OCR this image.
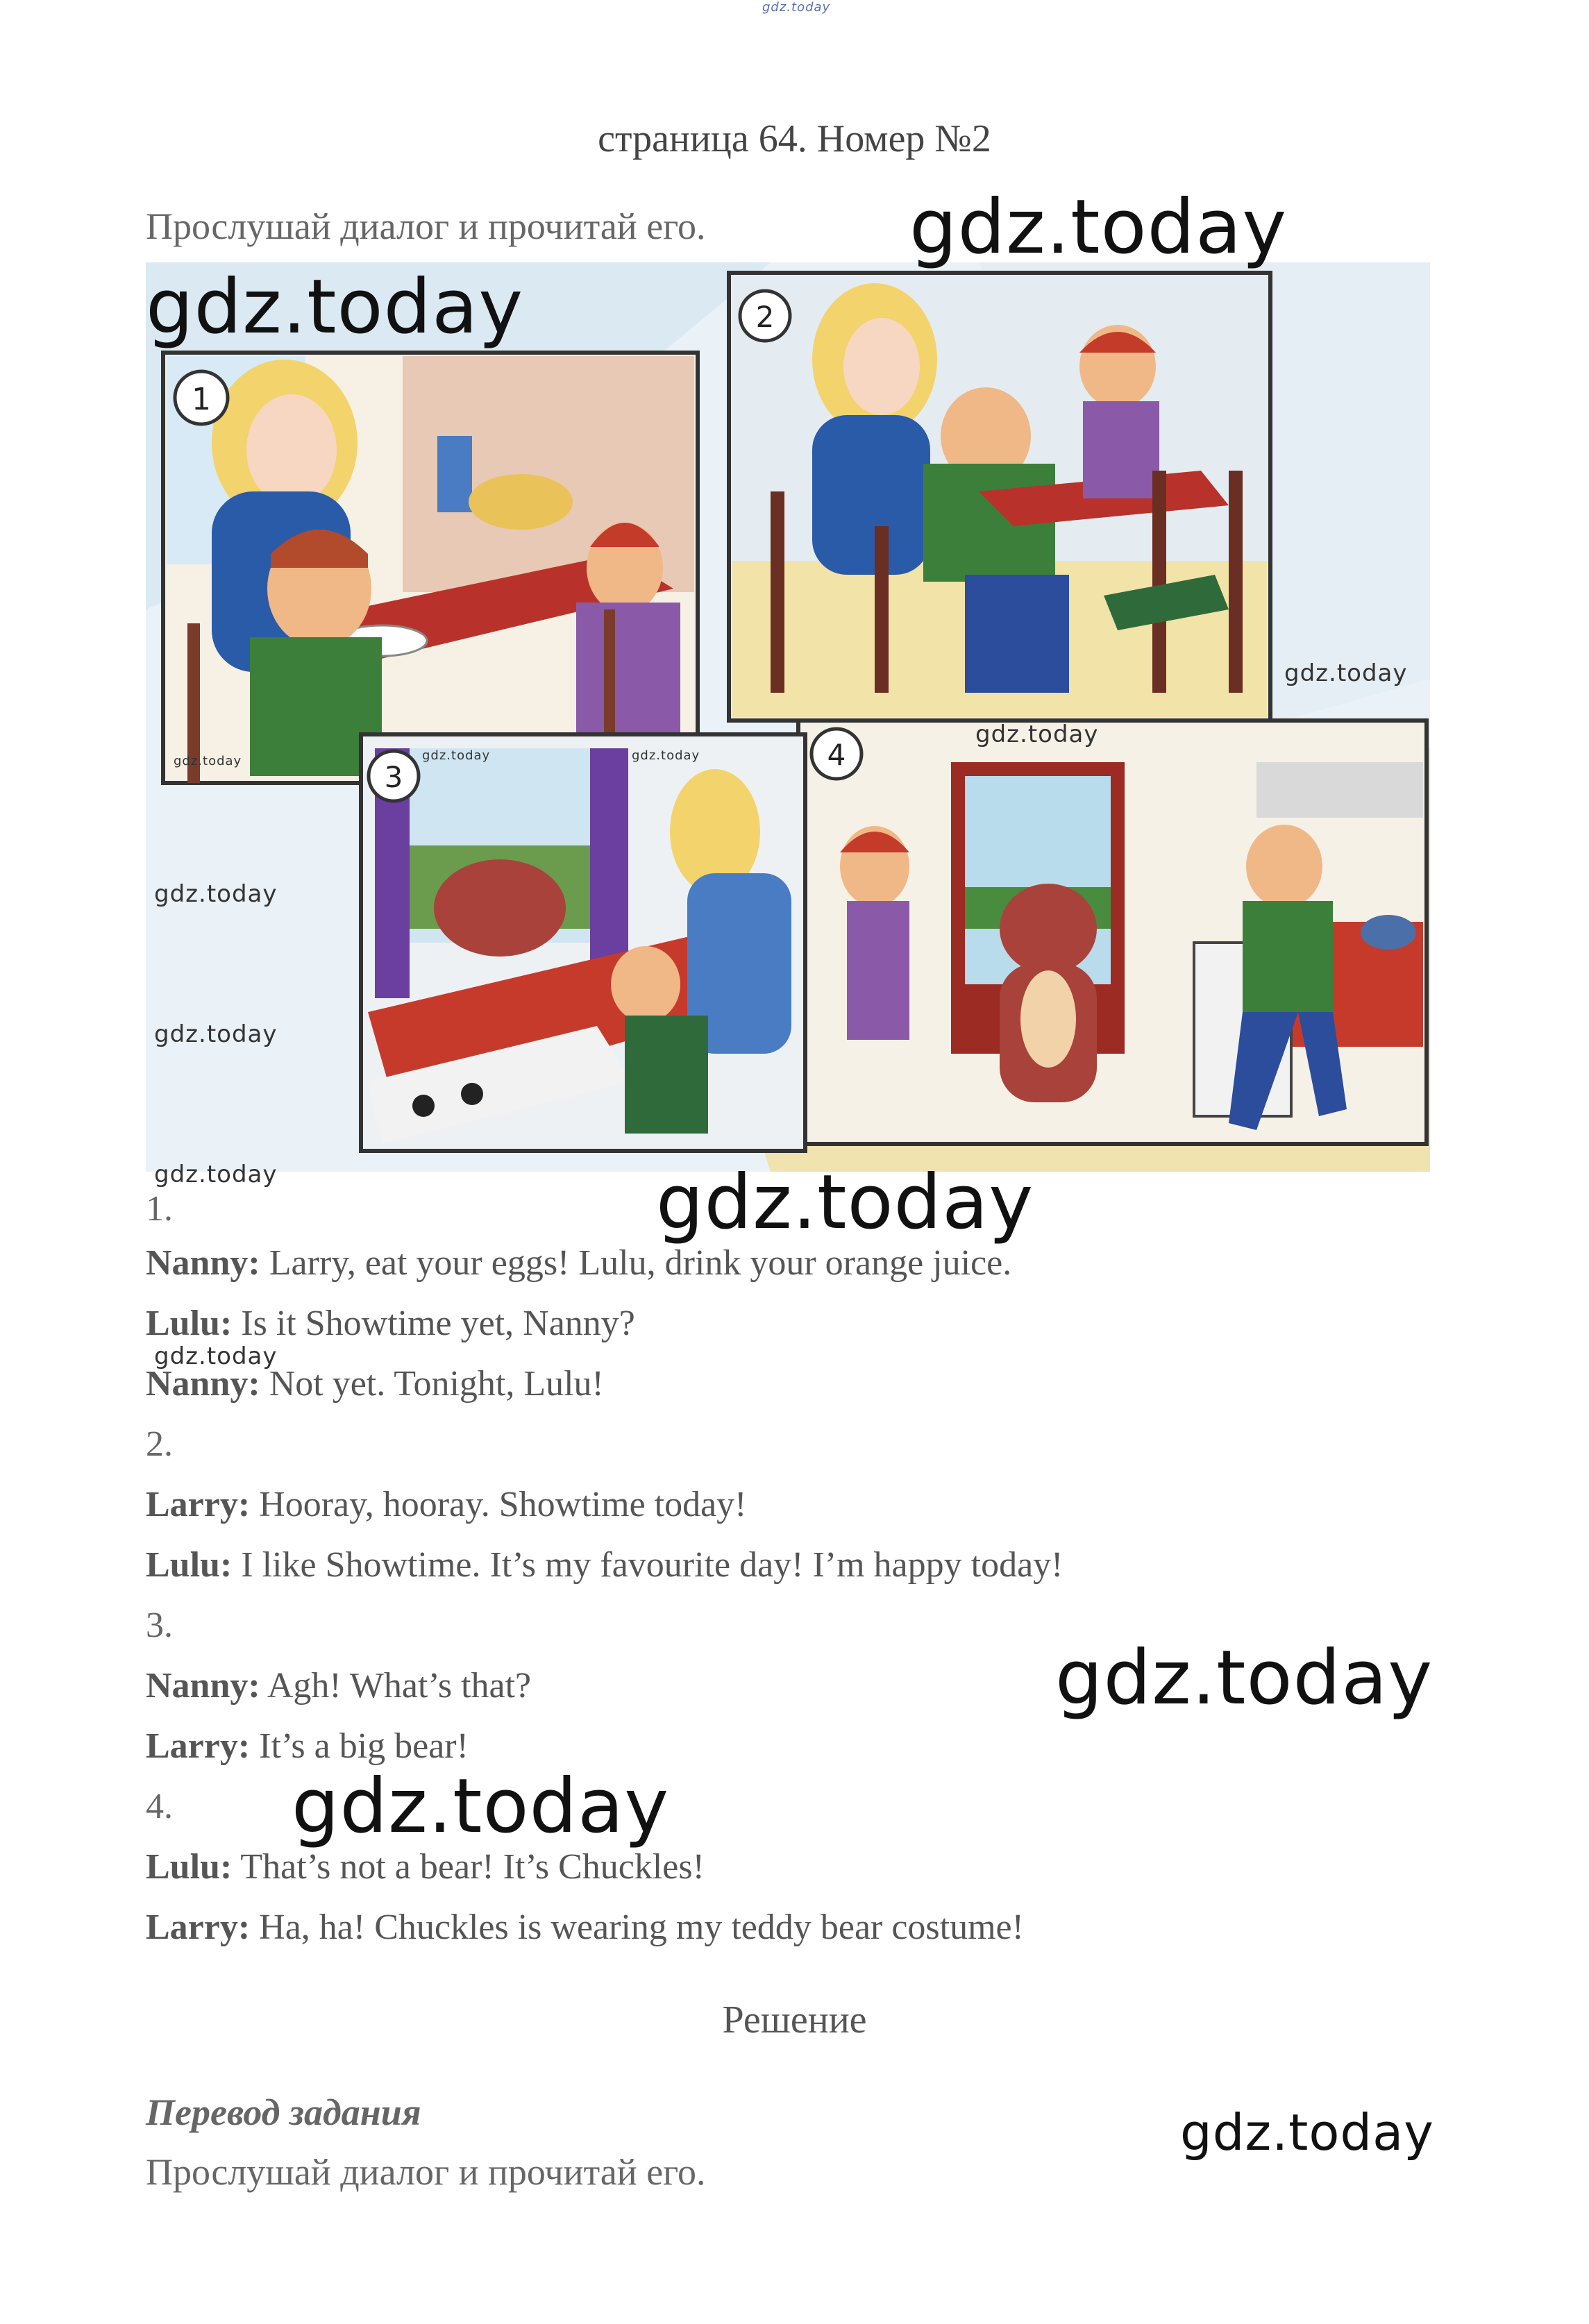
gdz.today
страница 64. Номер №2
Прослушай диалог и прочитай его.
1
2
4
3
gdz.today
gdz.today
gdz.today
gdz.today
gdz.today
gdz.today
gdz.today
gdz.today
gdz.today
gdz.today
gdz.today
gdz.today
gdz.today	gdz.today	gdz.today
1.
Nanny: Larry, eat your eggs! Lulu, drink your orange juice.
Lulu: Is it Showtime yet, Nanny?
Nanny: Not yet. Tonight, Lulu!
2.
Larry: Hooray, hooray. Showtime today!
Lulu: I like Showtime. It’s my favourite day! I’m happy today!
3.
Nanny: Agh! What’s that?
Larry: It’s a big bear!
4.
Lulu: That’s not a bear! It’s Chuckles!
Larry: Ha, ha! Chuckles is wearing my teddy bear costume!
Решение
Перевод задания
Прослушай диалог и прочитай его.
